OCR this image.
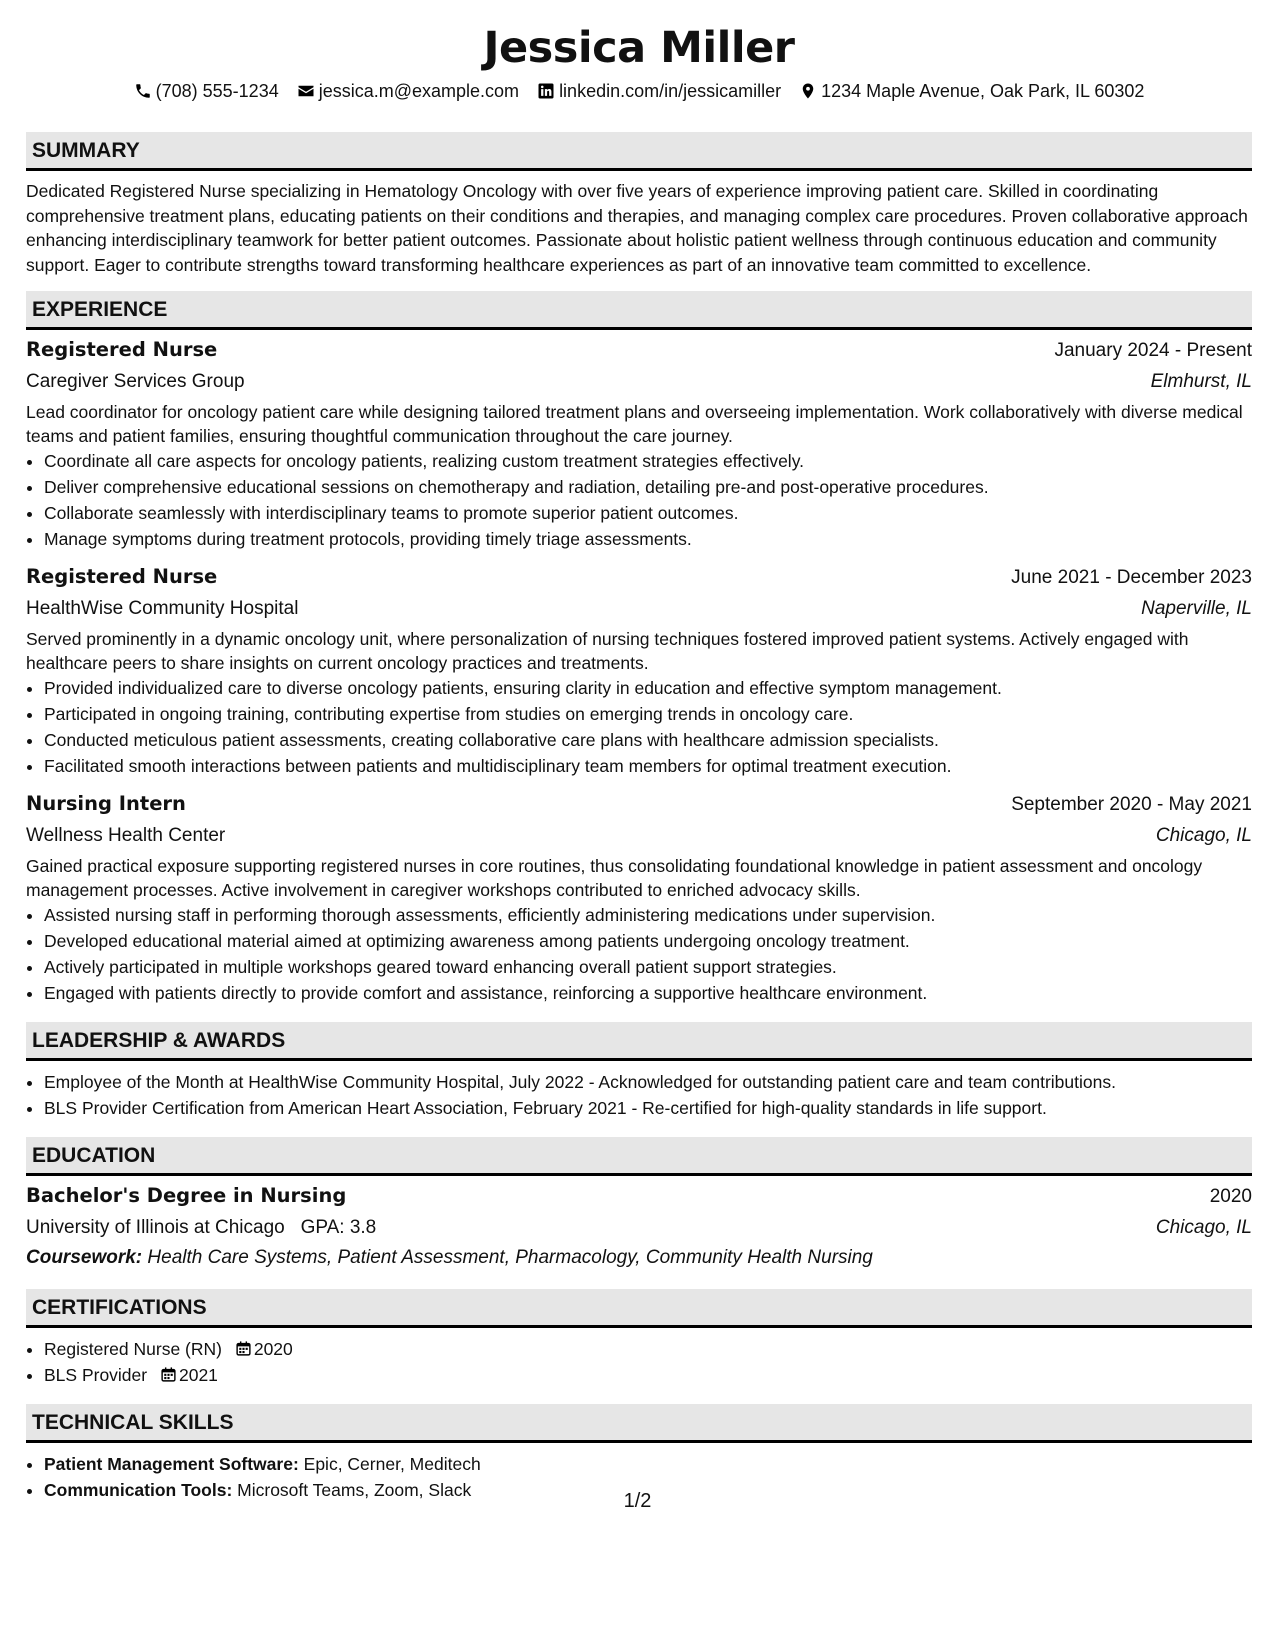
Jessica Miller
(708) 555-1234 jessica.m@example.com linkedin.com/in/jessicamiller 1234 Maple Avenue, Oak Park, IL 60302
SUMMARY
Dedicated Registered Nurse specializing in Hematology Oncology with over five years of experience improving patient care. Skilled in coordinating comprehensive treatment plans, educating patients on their conditions and therapies, and managing complex care procedures. Proven collaborative approach enhancing interdisciplinary teamwork for better patient outcomes. Passionate about holistic patient wellness through continuous education and community support. Eager to contribute strengths toward transforming healthcare experiences as part of an innovative team committed to excellence.
EXPERIENCE
Registered Nurse	January 2024 - Present
Caregiver Services Group	Elmhurst, IL
Lead coordinator for oncology patient care while designing tailored treatment plans and overseeing implementation. Work collaboratively with diverse medical teams and patient families, ensuring thoughtful communication throughout the care journey.
• Coordinate all care aspects for oncology patients, realizing custom treatment strategies effectively.
• Deliver comprehensive educational sessions on chemotherapy and radiation, detailing pre-and post-operative procedures.
• Collaborate seamlessly with interdisciplinary teams to promote superior patient outcomes.
• Manage symptoms during treatment protocols, providing timely triage assessments.
Registered Nurse	June 2021 - December 2023
HealthWise Community Hospital	Naperville, IL
Served prominently in a dynamic oncology unit, where personalization of nursing techniques fostered improved patient systems. Actively engaged with healthcare peers to share insights on current oncology practices and treatments.
• Provided individualized care to diverse oncology patients, ensuring clarity in education and effective symptom management.
• Participated in ongoing training, contributing expertise from studies on emerging trends in oncology care.
• Conducted meticulous patient assessments, creating collaborative care plans with healthcare admission specialists.
• Facilitated smooth interactions between patients and multidisciplinary team members for optimal treatment execution.
Nursing Intern	September 2020 - May 2021
Wellness Health Center	Chicago, IL
Gained practical exposure supporting registered nurses in core routines, thus consolidating foundational knowledge in patient assessment and oncology management processes. Active involvement in caregiver workshops contributed to enriched advocacy skills.
• Assisted nursing staff in performing thorough assessments, efficiently administering medications under supervision.
• Developed educational material aimed at optimizing awareness among patients undergoing oncology treatment.
• Actively participated in multiple workshops geared toward enhancing overall patient support strategies.
• Engaged with patients directly to provide comfort and assistance, reinforcing a supportive healthcare environment.
LEADERSHIP & AWARDS
• Employee of the Month at HealthWise Community Hospital, July 2022 - Acknowledged for outstanding patient care and team contributions.
• BLS Provider Certification from American Heart Association, February 2021 - Re-certified for high-quality standards in life support.
EDUCATION
Bachelor's Degree in Nursing	2020
University of Illinois at Chicago GPA: 3.8	Chicago, IL
Coursework: Health Care Systems, Patient Assessment, Pharmacology, Community Health Nursing
CERTIFICATIONS
• Registered Nurse (RN) 2020
• BLS Provider 2021
TECHNICAL SKILLS
• Patient Management Software: Epic, Cerner, Meditech
• Communication Tools: Microsoft Teams, Zoom, Slack	1/2
